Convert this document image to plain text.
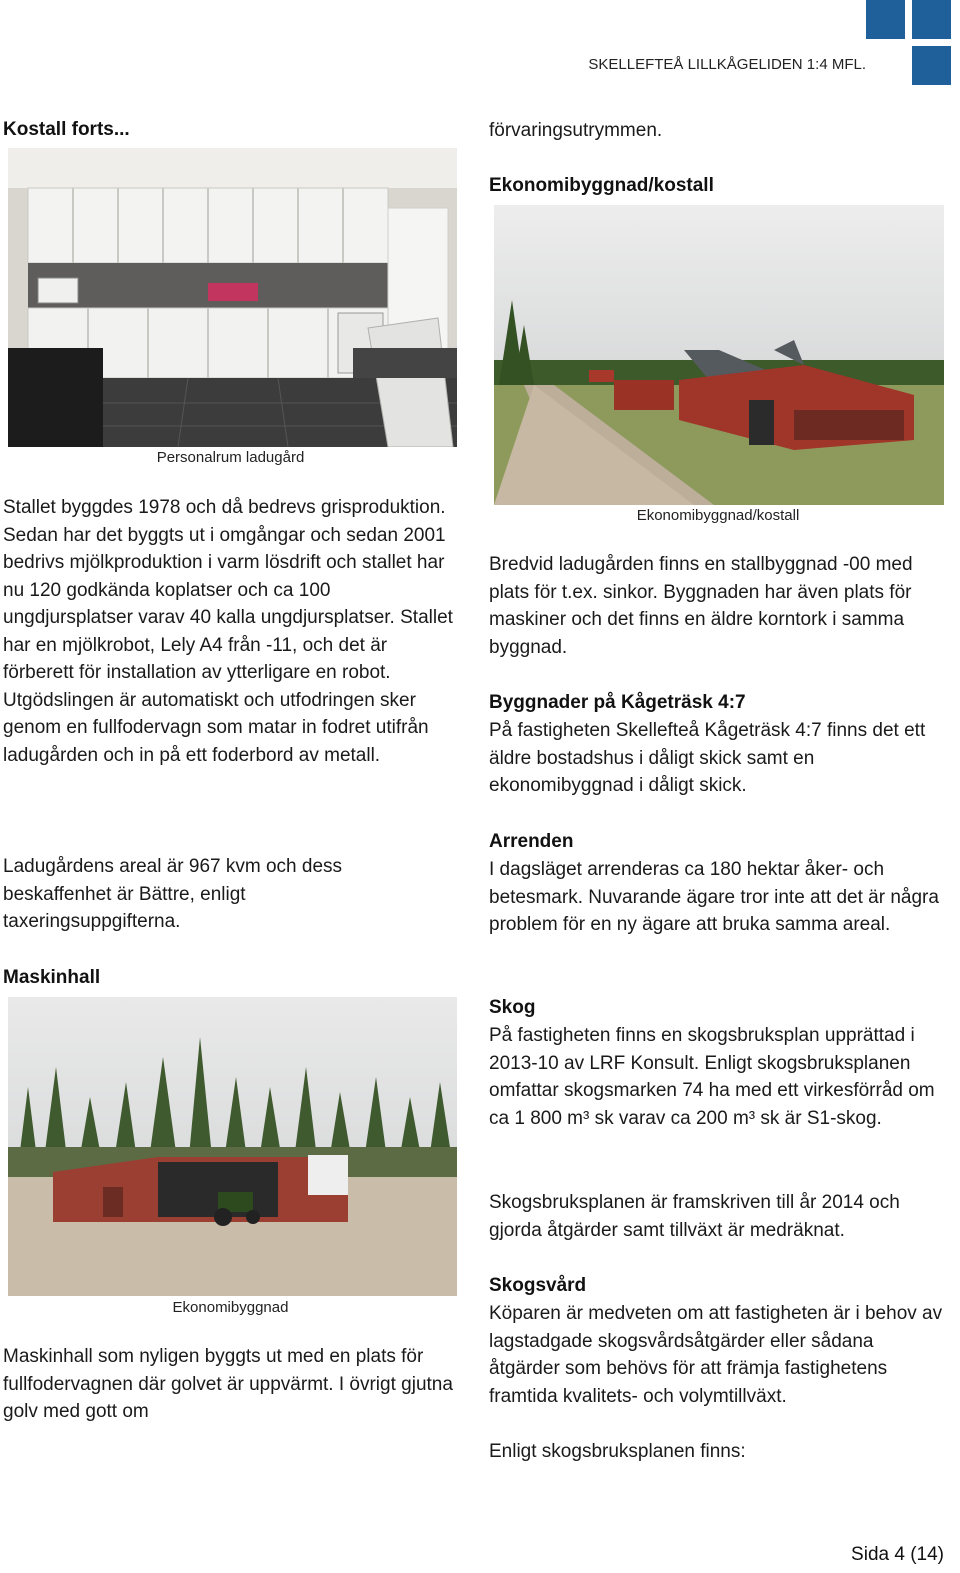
SKELLEFTEÅ LILLKÅGELIDEN 1:4 MFL.
Kostall forts...
Personalrum ladugård

Stallet byggdes 1978 och då bedrevs grisproduktion. Sedan har det byggts ut i omgångar och sedan 2001 bedrivs mjölkproduktion i varm lösdrift och stallet har nu 120 godkända koplatser och ca 100 ungdjursplatser varav 40 kalla ungdjursplatser. Stallet har en mjölkrobot, Lely A4 från -11, och det är förberett för installation av ytterligare en robot. Utgödslingen är automatiskt och utfodringen sker genom en fullfodervagn som matar in fodret utifrån ladugården och in på ett foderbord av metall.

Ladugårdens areal är 967 kvm och dess beskaffenhet är Bättre, enligt taxeringsuppgifterna.

Maskinhall
Ekonomibyggnad

Maskinhall som nyligen byggts ut med en plats för fullfodervagnen där golvet är uppvärmt. I övrigt gjutna golv med gott om

förvaringsutrymmen.

Ekonomibyggnad/kostall
Ekonomibyggnad/kostall

Bredvid ladugården finns en stallbyggnad -00 med plats för t.ex. sinkor. Byggnaden har även plats för maskiner och det finns en äldre korntork i samma byggnad.

Byggnader på Kågeträsk 4:7

På fastigheten Skellefteå Kågeträsk 4:7 finns det ett äldre bostadshus i dåligt skick samt en ekonomibyggnad i dåligt skick.

Arrenden

I dagsläget arrenderas ca 180 hektar åker- och betesmark. Nuvarande ägare tror inte att det är några problem för en ny ägare att bruka samma areal.

Skog

På fastigheten finns en skogsbruksplan upprättad i 2013-10 av LRF Konsult. Enligt skogsbruksplanen omfattar skogsmarken 74 ha med ett virkesförråd om ca 1 800 m³ sk varav ca 200 m³ sk är S1-skog.

Skogsbruksplanen är framskriven till år 2014 och gjorda åtgärder samt tillväxt är medräknat.

Skogsvård

Köparen är medveten om att fastigheten är i behov av lagstadgade skogsvårdsåtgärder eller sådana åtgärder som behövs för att främja fastighetens framtida kvalitets- och volymtillväxt.

Enligt skogsbruksplanen finns:

Sida 4 (14)
